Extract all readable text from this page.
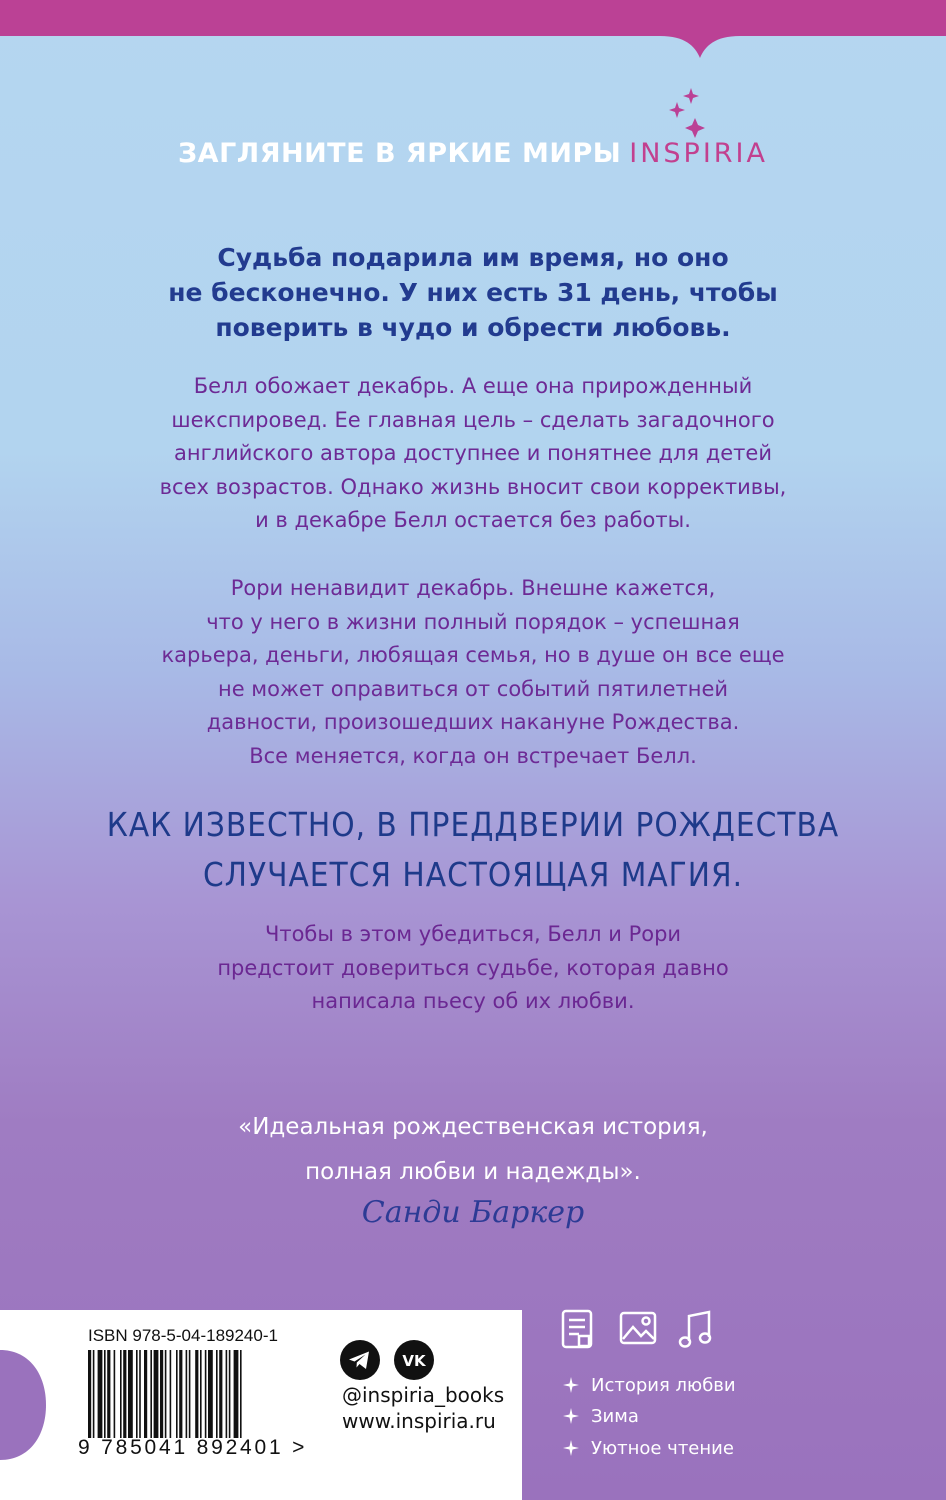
ЗАГЛЯНИТЕ В ЯРКИЕ МИРЫ INSPIRIA
Судьба подарила им время, но оно
не бесконечно. У них есть 31 день, чтобы
поверить в чудо и обрести любовь.
Белл обожает декабрь. А еще она прирожденный
шекспировед. Ее главная цель – сделать загадочного
английского автора доступнее и понятнее для детей
всех возрастов. Однако жизнь вносит свои коррективы,
и в декабре Белл остается без работы.
Рори ненавидит декабрь. Внешне кажется,
что у него в жизни полный порядок – успешная
карьера, деньги, любящая семья, но в душе он все еще
не может оправиться от событий пятилетней
давности, произошедших накануне Рождества.
Все меняется, когда он встречает Белл.
КАК ИЗВЕСТНО, В ПРЕДДВЕРИИ РОЖДЕСТВА
СЛУЧАЕТСЯ НАСТОЯЩАЯ МАГИЯ.
Чтобы в этом убедиться, Белл и Рори
предстоит довериться судьбе, которая давно
написала пьесу об их любви.
«Идеальная рождественская история,
полная любви и надежды».
Санди Баркер
ISBN 978-5-04-189240-1
9 785041 892401 >
VK
@inspiria_books
www.inspiria.ru
История любви
Зима
Уютное чтение
